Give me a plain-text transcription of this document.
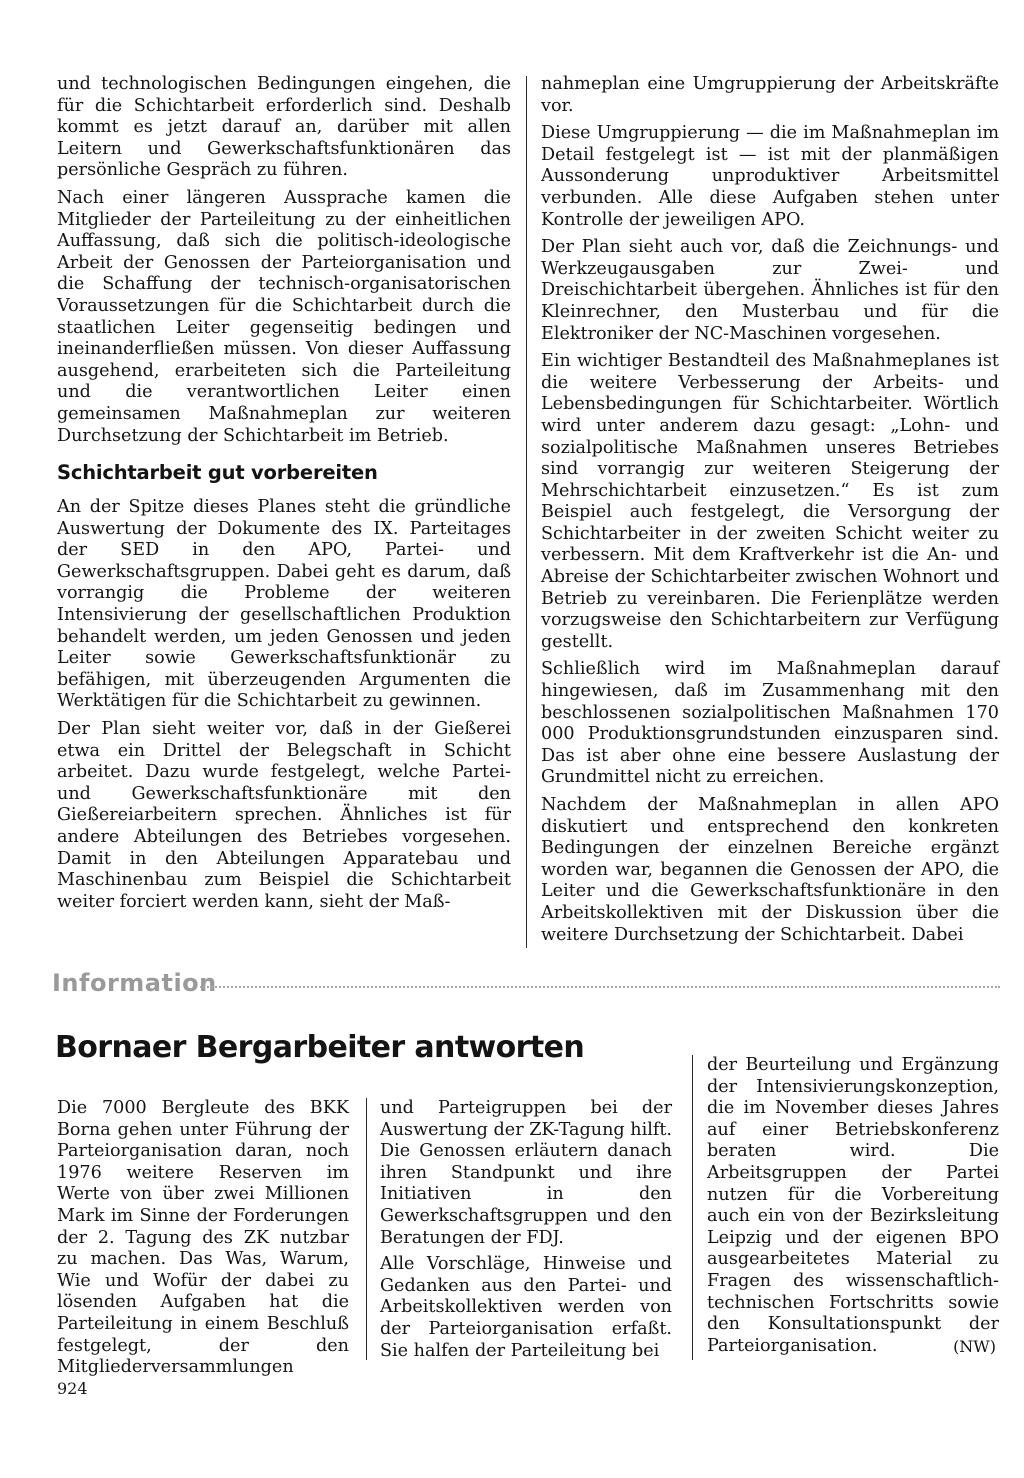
und technologischen Bedingungen eingehen, die für die Schichtarbeit erforderlich sind. Deshalb kommt es jetzt darauf an, darüber mit allen Leitern und Gewerkschaftsfunktionären das persönliche Gespräch zu führen.

Nach einer längeren Aussprache kamen die Mitglieder der Parteileitung zu der einheitlichen Auffassung, daß sich die politisch-ideologische Arbeit der Genossen der Parteiorganisation und die Schaffung der technisch-organisatorischen Voraussetzungen für die Schichtarbeit durch die staatlichen Leiter gegenseitig bedingen und ineinanderfließen müssen. Von dieser Auffassung ausgehend, erarbeiteten sich die Parteileitung und die verantwortlichen Leiter einen gemeinsamen Maßnahmeplan zur weiteren Durchsetzung der Schichtarbeit im Betrieb.

Schichtarbeit gut vorbereiten

An der Spitze dieses Planes steht die gründliche Auswertung der Dokumente des IX. Parteitages der SED in den APO, Partei- und Gewerkschaftsgruppen. Dabei geht es darum, daß vorrangig die Probleme der weiteren Intensivierung der gesellschaftlichen Produktion behandelt werden, um jeden Genossen und jeden Leiter sowie Gewerkschaftsfunktionär zu befähigen, mit überzeugenden Argumenten die Werktätigen für die Schichtarbeit zu gewinnen.

Der Plan sieht weiter vor, daß in der Gießerei etwa ein Drittel der Belegschaft in Schicht arbeitet. Dazu wurde festgelegt, welche Partei- und Gewerkschaftsfunktionäre mit den Gießereiarbeitern sprechen. Ähnliches ist für andere Abteilungen des Betriebes vorgesehen. Damit in den Abteilungen Apparatebau und Maschinenbau zum Beispiel die Schichtarbeit weiter forciert werden kann, sieht der Maß-

nahmeplan eine Umgruppierung der Arbeitskräfte vor.

Diese Umgruppierung — die im Maßnahmeplan im Detail festgelegt ist — ist mit der planmäßigen Aussonderung unproduktiver Arbeitsmittel verbunden. Alle diese Aufgaben stehen unter Kontrolle der jeweiligen APO.

Der Plan sieht auch vor, daß die Zeichnungs- und Werkzeugausgaben zur Zwei- und Dreischichtarbeit übergehen. Ähnliches ist für den Kleinrechner, den Musterbau und für die Elektroniker der NC-Maschinen vorgesehen.

Ein wichtiger Bestandteil des Maßnahmeplanes ist die weitere Verbesserung der Arbeits- und Lebensbedingungen für Schichtarbeiter. Wörtlich wird unter anderem dazu gesagt: „Lohn- und sozialpolitische Maßnahmen unseres Betriebes sind vorrangig zur weiteren Steigerung der Mehrschichtarbeit einzusetzen.“ Es ist zum Beispiel auch festgelegt, die Versorgung der Schichtarbeiter in der zweiten Schicht weiter zu verbessern. Mit dem Kraftverkehr ist die An- und Abreise der Schichtarbeiter zwischen Wohnort und Betrieb zu vereinbaren. Die Ferienplätze werden vorzugsweise den Schichtarbeitern zur Verfügung gestellt.

Schließlich wird im Maßnahmeplan darauf hingewiesen, daß im Zusammenhang mit den beschlossenen sozialpolitischen Maßnahmen 170 000 Produktionsgrundstunden einzusparen sind. Das ist aber ohne eine bessere Auslastung der Grundmittel nicht zu erreichen.

Nachdem der Maßnahmeplan in allen APO diskutiert und entsprechend den konkreten Bedingungen der einzelnen Bereiche ergänzt worden war, begannen die Genossen der APO, die Leiter und die Gewerkschaftsfunktionäre in den Arbeitskollektiven mit der Diskussion über die weitere Durchsetzung der Schichtarbeit. Dabei

Information
Bornaer Bergarbeiter antworten

Die 7000 Bergleute des BKK Borna gehen unter Führung der Parteiorganisation daran, noch 1976 weitere Reserven im Werte von über zwei Millionen Mark im Sinne der Forderungen der 2. Tagung des ZK nutzbar zu machen. Das Was, Warum, Wie und Wofür der dabei zu lösenden Aufgaben hat die Parteileitung in einem Beschluß festgelegt, der den Mitgliederversammlungen

und Parteigruppen bei der Auswertung der ZK-Tagung hilft. Die Genossen erläutern danach ihren Standpunkt und ihre Initiativen in den Gewerkschaftsgruppen und den Beratungen der FDJ.

Alle Vorschläge, Hinweise und Gedanken aus den Partei- und Arbeitskollektiven werden von der Parteiorganisation erfaßt. Sie halfen der Parteileitung bei

der Beurteilung und Ergänzung der Intensivierungskonzeption, die im November dieses Jahres auf einer Betriebskonferenz beraten wird. Die Arbeitsgruppen der Partei nutzen für die Vorbereitung auch ein von der Bezirksleitung Leipzig und der eigenen BPO ausgearbeitetes Material zu Fragen des wissenschaftlich-technischen Fortschritts sowie den Konsultationspunkt der Parteiorganisation.	(NW)
924
